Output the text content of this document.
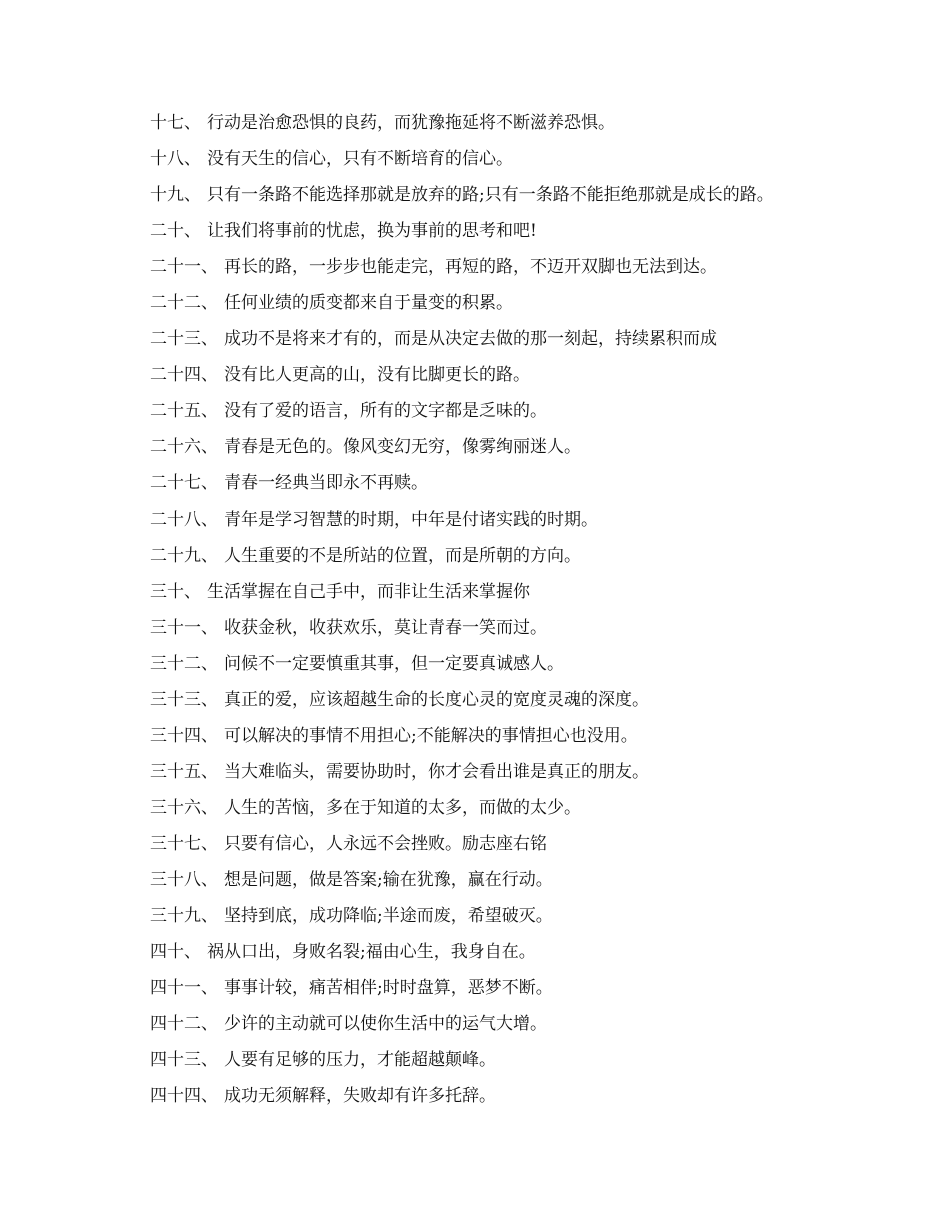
十七、 行动是治愈恐惧的良药，而犹豫拖延将不断滋养恐惧。
十八、 没有天生的信心，只有不断培育的信心。
十九、 只有一条路不能选择那就是放弃的路;只有一条路不能拒绝那就是成长的路。
二十、 让我们将事前的忧虑，换为事前的思考和吧!
二十一、 再长的路，一步步也能走完，再短的路，不迈开双脚也无法到达。
二十二、 任何业绩的质变都来自于量变的积累。
二十三、 成功不是将来才有的，而是从决定去做的那一刻起，持续累积而成
二十四、 没有比人更高的山，没有比脚更长的路。
二十五、 没有了爱的语言，所有的文字都是乏味的。
二十六、 青春是无色的。像风变幻无穷，像雾绚丽迷人。
二十七、 青春一经典当即永不再赎。
二十八、 青年是学习智慧的时期，中年是付诸实践的时期。
二十九、 人生重要的不是所站的位置，而是所朝的方向。
三十、 生活掌握在自己手中，而非让生活来掌握你
三十一、 收获金秋，收获欢乐，莫让青春一笑而过。
三十二、 问候不一定要慎重其事，但一定要真诚感人。
三十三、 真正的爱，应该超越生命的长度心灵的宽度灵魂的深度。
三十四、 可以解决的事情不用担心;不能解决的事情担心也没用。
三十五、 当大难临头，需要协助时，你才会看出谁是真正的朋友。
三十六、 人生的苦恼，多在于知道的太多，而做的太少。
三十七、 只要有信心，人永远不会挫败。励志座右铭
三十八、 想是问题，做是答案;输在犹豫，赢在行动。
三十九、 坚持到底，成功降临;半途而废，希望破灭。
四十、 祸从口出，身败名裂;福由心生，我身自在。
四十一、 事事计较，痛苦相伴;时时盘算，恶梦不断。
四十二、 少许的主动就可以使你生活中的运气大增。
四十三、 人要有足够的压力，才能超越颠峰。
四十四、 成功无须解释，失败却有许多托辞。
